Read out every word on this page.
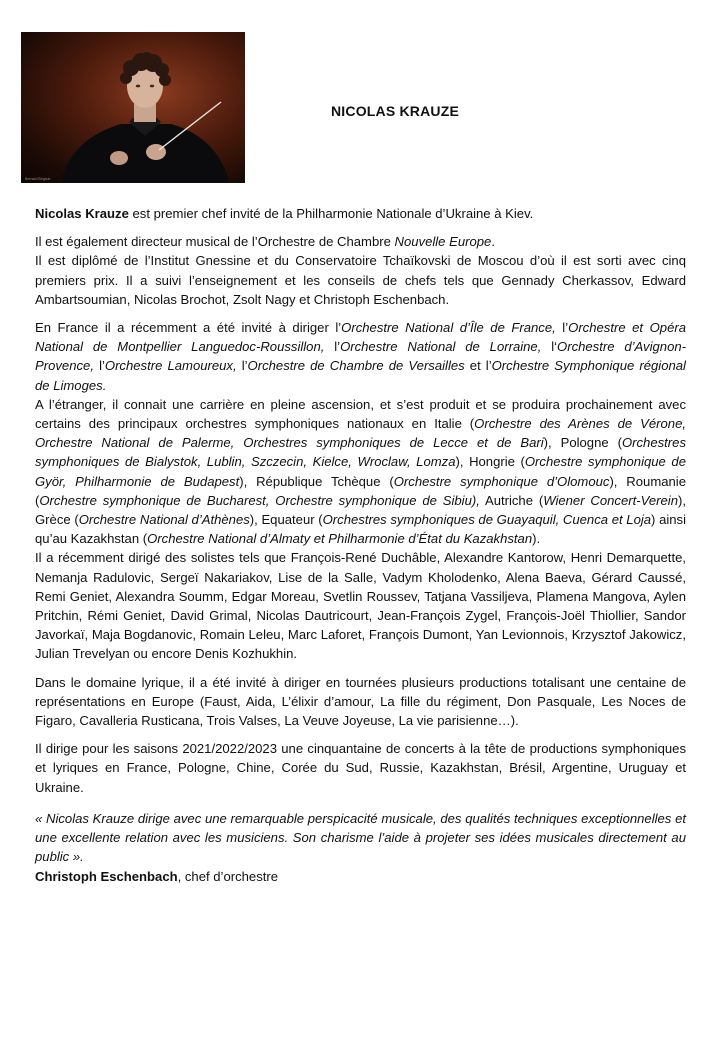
Bernard Begauh
NICOLAS KRAUZE

Nicolas Krauze est premier chef invité de la Philharmonie Nationale d’Ukraine à Kiev.

Il est également directeur musical de l’Orchestre de Chambre Nouvelle Europe.

Il est diplômé de l’Institut Gnessine et du Conservatoire Tchaïkovski de Moscou d’où il est sorti avec cinq premiers prix. Il a suivi l’enseignement et les conseils de chefs tels que Gennady Cherkassov, Edward Ambartsoumian, Nicolas Brochot, Zsolt Nagy et Christoph Eschenbach.

En France il a récemment a été invité à diriger l’Orchestre National d’Île de France, l’Orchestre et Opéra National de Montpellier Languedoc-Roussillon, l’Orchestre National de Lorraine, l‘Orchestre d’Avignon-Provence, l’Orchestre Lamoureux, l’Orchestre de Chambre de Versailles et l’Orchestre Symphonique régional de Limoges.

A l’étranger, il connait une carrière en pleine ascension, et s’est produit et se produira prochainement avec certains des principaux orchestres symphoniques nationaux en Italie (Orchestre des Arènes de Vérone, Orchestre National de Palerme, Orchestres symphoniques de Lecce et de Bari), Pologne (Orchestres symphoniques de Bialystok, Lublin, Szczecin, Kielce, Wroclaw, Lomza), Hongrie (Orchestre symphonique de Györ, Philharmonie de Budapest), République Tchèque (Orchestre symphonique d’Olomouc), Roumanie (Orchestre symphonique de Bucharest, Orchestre symphonique de Sibiu), Autriche (Wiener Concert-Verein), Grèce (Orchestre National d’Athènes), Equateur (Orchestres symphoniques de Guayaquil, Cuenca et Loja) ainsi qu’au Kazakhstan (Orchestre National d’Almaty et Philharmonie d’État du Kazakhstan).

Il a récemment dirigé des solistes tels que François-René Duchâble, Alexandre Kantorow, Henri Demarquette, Nemanja Radulovic, Sergeï Nakariakov, Lise de la Salle, Vadym Kholodenko, Alena Baeva, Gérard Caussé, Remi Geniet, Alexandra Soumm, Edgar Moreau, Svetlin Roussev, Tatjana Vassiljeva, Plamena Mangova, Aylen Pritchin, Rémi Geniet, David Grimal, Nicolas Dautricourt, Jean-François Zygel, François-Joël Thiollier, Sandor Javorkaï, Maja Bogdanovic, Romain Leleu, Marc Laforet, François Dumont, Yan Levionnois, Krzysztof Jakowicz, Julian Trevelyan ou encore Denis Kozhukhin.

Dans le domaine lyrique, il a été invité à diriger en tournées plusieurs productions totalisant une centaine de représentations en Europe (Faust, Aida, L’élixir d’amour, La fille du régiment, Don Pasquale, Les Noces de Figaro, Cavalleria Rusticana, Trois Valses, La Veuve Joyeuse, La vie parisienne…).

Il dirige pour les saisons 2021/2022/2023 une cinquantaine de concerts à la tête de productions symphoniques et lyriques en France, Pologne, Chine, Corée du Sud, Russie, Kazakhstan, Brésil, Argentine, Uruguay et Ukraine.

« Nicolas Krauze dirige avec une remarquable perspicacité musicale, des qualités techniques exceptionnelles et une excellente relation avec les musiciens. Son charisme l’aide à projeter ses idées musicales directement au public ».

Christoph Eschenbach, chef d’orchestre
